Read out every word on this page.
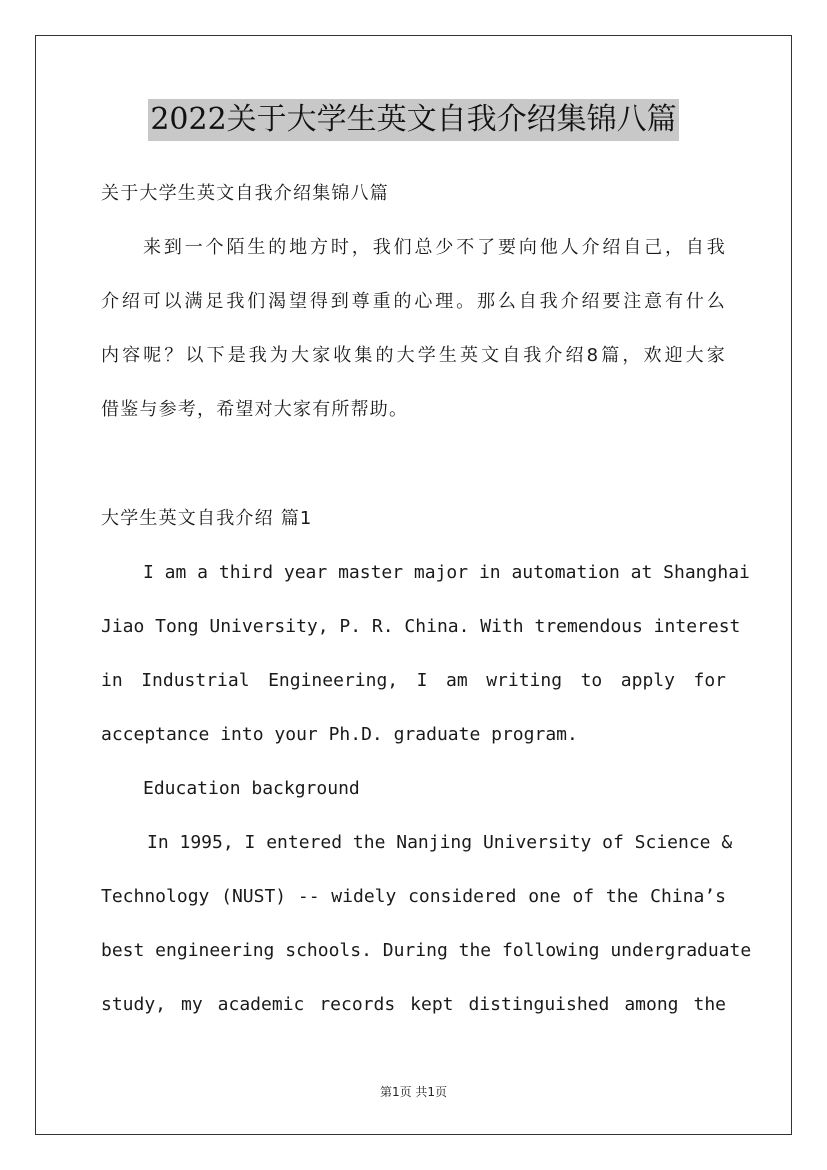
2022关于大学生英文自我介绍集锦八篇
关于大学生英文自我介绍集锦八篇
来到一个陌生的地方时，我们总少不了要向他人介绍自己，自我
介绍可以满足我们渴望得到尊重的心理。那么自我介绍要注意有什么
内容呢？以下是我为大家收集的大学生英文自我介绍8篇，欢迎大家
借鉴与参考，希望对大家有所帮助。
大学生英文自我介绍 篇1
I am a third year master major in automation at Shanghai
Jiao Tong University, P. R. China. With tremendous interest
in Industrial Engineering, I am writing to apply for
acceptance into your Ph.D. graduate program.
Education background
In 1995, I entered the Nanjing University of Science &
Technology (NUST) -- widely considered one of the China’s
best engineering schools. During the following undergraduate
study, my academic records kept distinguished among the
第1页 共1页
